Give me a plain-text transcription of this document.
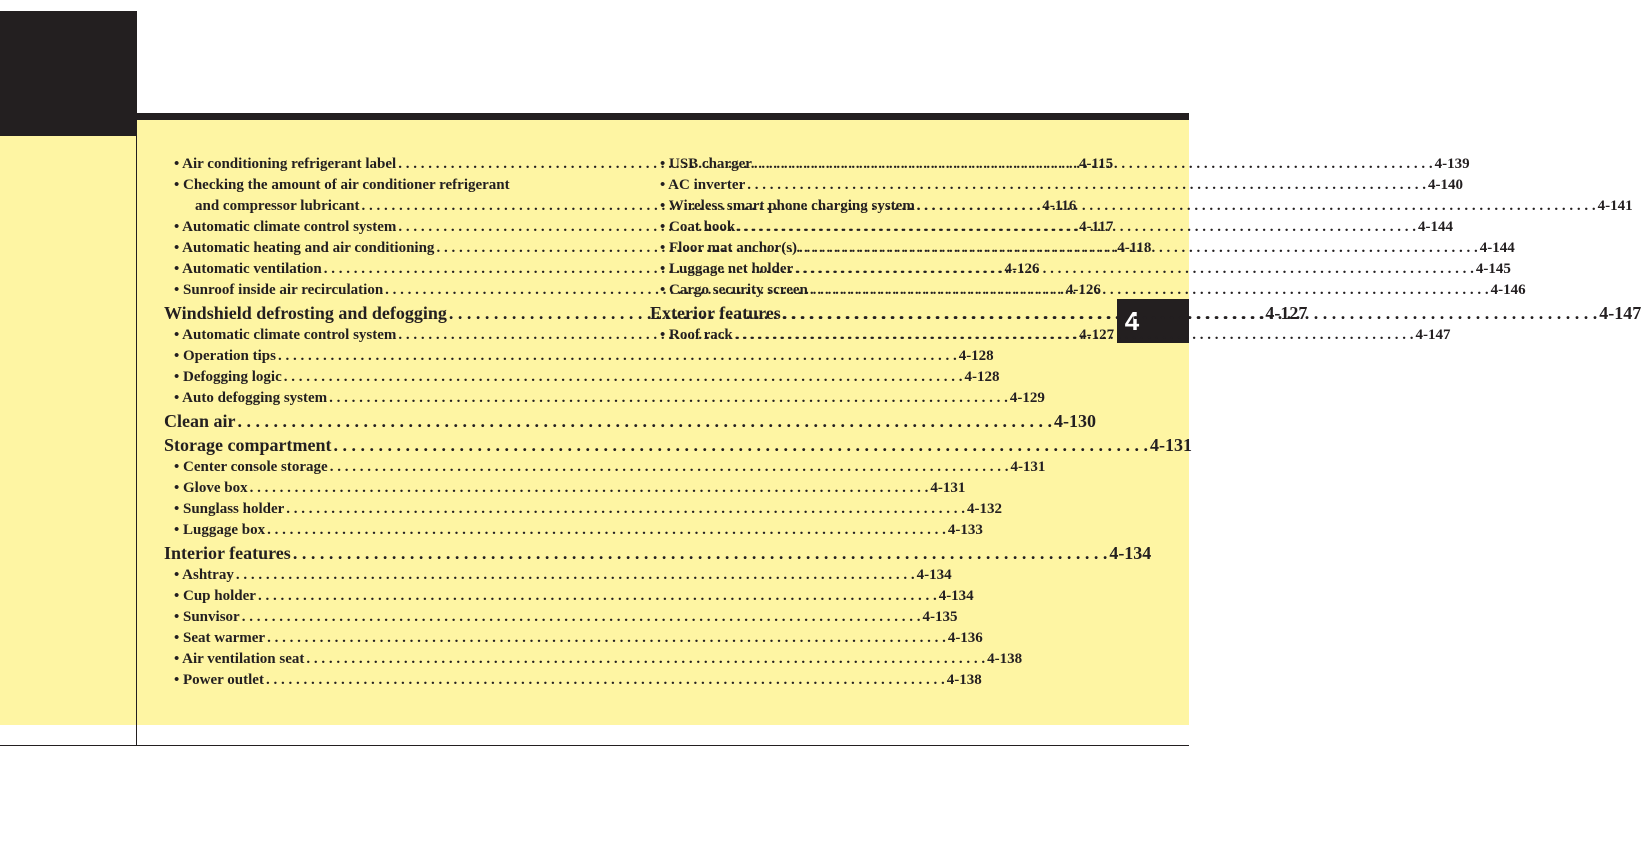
4
• Air conditioning refrigerant label . . .	4-115
• Checking the amount of air conditioner refrigerant
and compressor lubricant . . .	4-116
• Automatic climate control system . . .	4-117
• Automatic heating and air conditioning . . .	4-118
• Automatic ventilation . . .	4-126
• Sunroof inside air recirculation . . .	4-126
Windshield defrosting and defogging . . .	4-127
• Automatic climate control system . . .	4-127
• Operation tips . . .	4-128
• Defogging logic . . .	4-128
• Auto defogging system . . .	4-129
Clean air . . .	4-130
Storage compartment . . .	4-131
• Center console storage . . .	4-131
• Glove box . . .	4-131
• Sunglass holder . . .	4-132
• Luggage box . . .	4-133
Interior features . . .	4-134
• Ashtray . . .	4-134
• Cup holder . . .	4-134
• Sunvisor . . .	4-135
• Seat warmer . . .	4-136
• Air ventilation seat . . .	4-138
• Power outlet . . .	4-138
• USB charger . . .	4-139
• AC inverter . . .	4-140
• Wireless smart phone charging system . . .	4-141
• Coat hook . . .	4-144
• Floor mat anchor(s) . . .	4-144
• Luggage net holder . . .	4-145
• Cargo security screen . . .	4-146
Exterior features . . .	4-147
• Roof rack . . .	4-147
